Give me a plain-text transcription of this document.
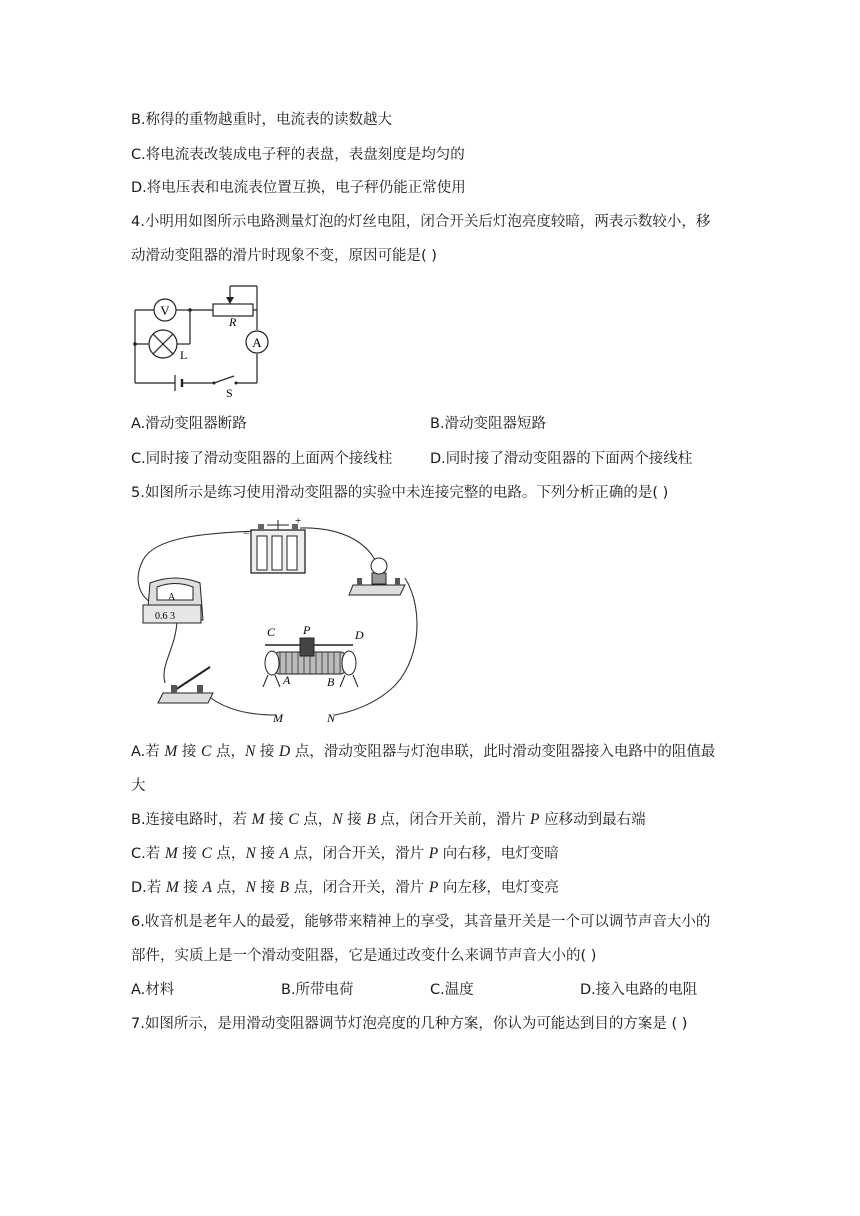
B.称得的重物越重时，电流表的读数越大
C.将电流表改装成电子秤的表盘，表盘刻度是均匀的
D.将电压表和电流表位置互换，电子秤仍能正常使用
4.小明用如图所示电路测量灯泡的灯丝电阻，闭合开关后灯泡亮度较暗，两表示数较小，移
动滑动变阻器的滑片时现象不变，原因可能是( )
V
A
R
L
S
A.滑动变阻器断路	B.滑动变阻器短路
C.同时接了滑动变阻器的上面两个接线柱	D.同时接了滑动变阻器的下面两个接线柱
5.如图所示是练习使用滑动变阻器的实验中未连接完整的电路。下列分析正确的是( )
−
+
A
0.6 3
C P	D
A	B
M	N
A.若 M 接 C 点，N 接 D 点，滑动变阻器与灯泡串联，此时滑动变阻器接入电路中的阻值最
大
B.连接电路时，若 M 接 C 点，N 接 B 点，闭合开关前，滑片 P 应移动到最右端
C.若 M 接 C 点，N 接 A 点，闭合开关，滑片 P 向右移，电灯变暗
D.若 M 接 A 点，N 接 B 点，闭合开关，滑片 P 向左移，电灯变亮
6.收音机是老年人的最爱，能够带来精神上的享受，其音量开关是一个可以调节声音大小的
部件，实质上是一个滑动变阻器，它是通过改变什么来调节声音大小的( )
A.材料	B.所带电荷	C.温度	D.接入电路的电阻
7.如图所示，是用滑动变阻器调节灯泡亮度的几种方案，你认为可能达到目的方案是 ( )
